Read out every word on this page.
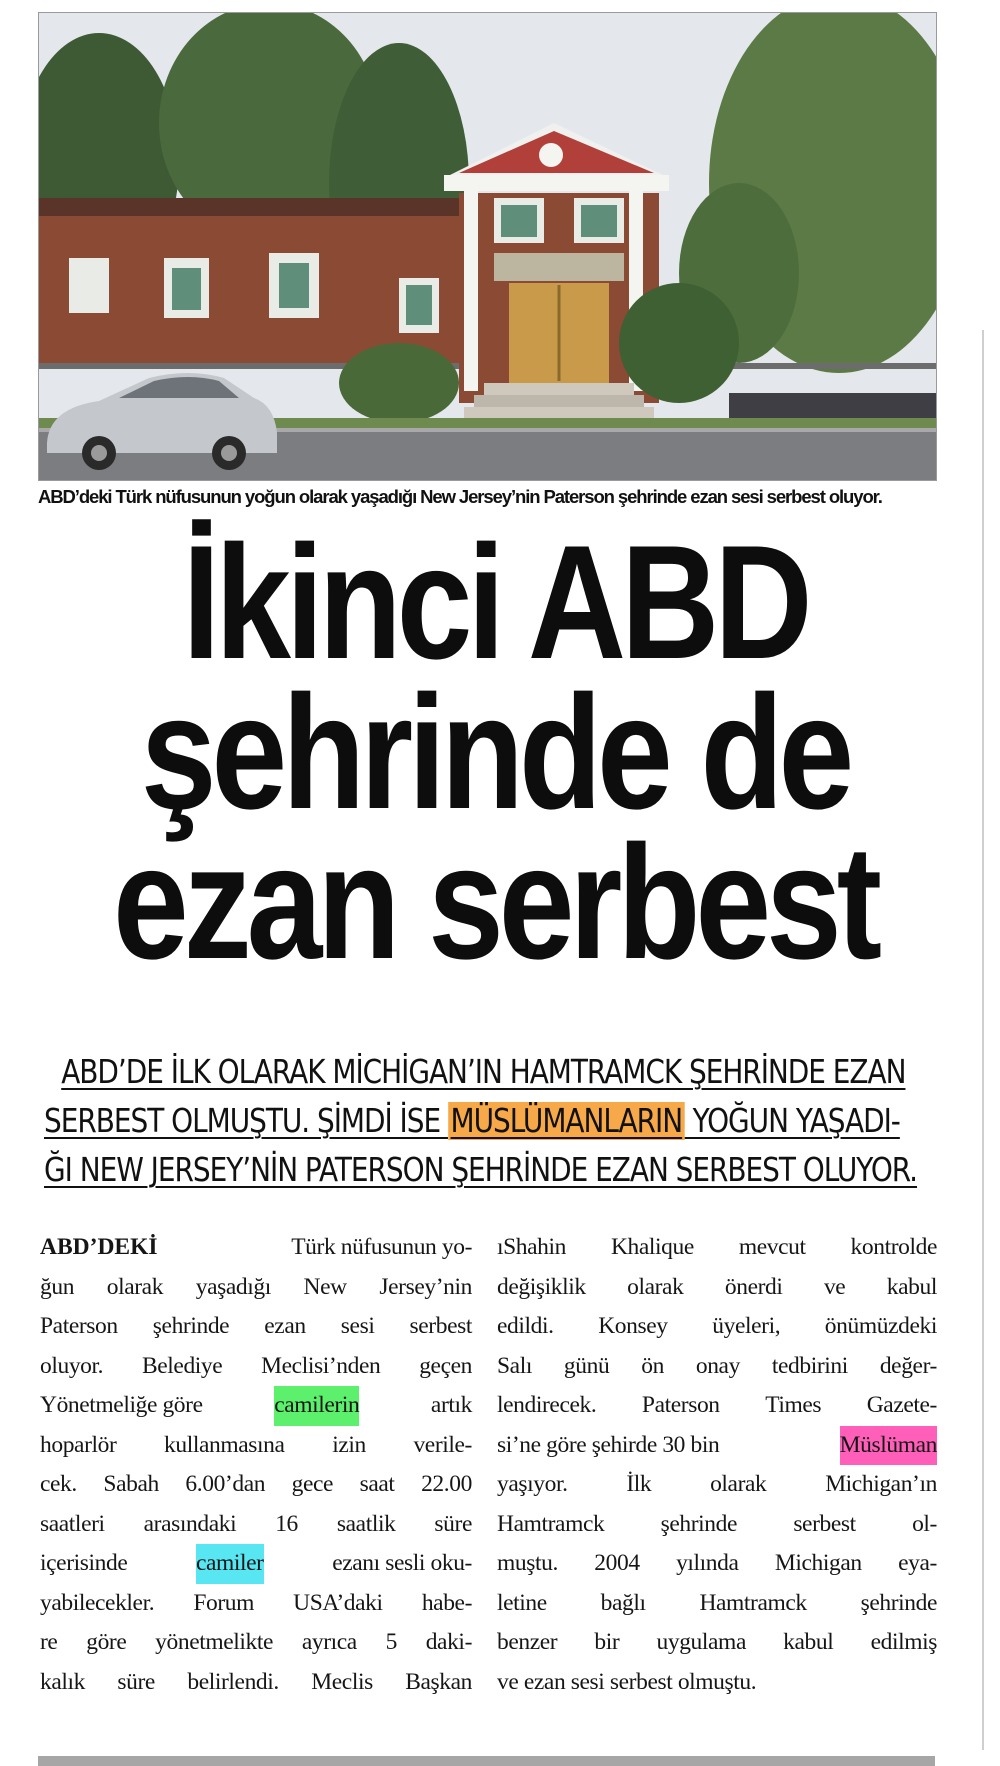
ABD’deki Türk nüfusunun yoğun olarak yaşadığı New Jersey’nin Paterson şehrinde ezan sesi serbest oluyor.
İkinci ABD
şehrinde de
ezan serbest
ABD’DE İLK OLARAK MİCHİGAN’IN HAMTRAMCK ŞEHRİNDE EZAN
SERBEST OLMUŞTU. ŞİMDİ İSE MÜSLÜMANLARIN YOĞUN YAŞADI-
ĞI NEW JERSEY’NİN PATERSON ŞEHRİNDE EZAN SERBEST OLUYOR.
ABD’DEKİ	Türk nüfusunun yo-
ğun olarak yaşadığı New Jersey’nin
Paterson şehrinde ezan sesi serbest
oluyor. Belediye Meclisi’nden geçen
Yönetmeliğe göre	camilerin	artık
hoparlör kullanmasına izin verile-
cek. Sabah 6.00’dan gece saat 22.00
saatleri arasındaki 16 saatlik süre
içerisinde	camiler	ezanı sesli oku-
yabilecekler. Forum USA’daki habe-
re göre yönetmelikte ayrıca 5 daki-
kalık süre belirlendi. Meclis Başkan
ıShahin Khalique mevcut kontrolde
değişiklik olarak önerdi ve kabul
edildi. Konsey üyeleri, önümüzdeki
Salı günü ön onay tedbirini değer-
lendirecek. Paterson Times Gazete-
si’ne göre şehirde 30 bin	Müslüman
yaşıyor.	İlk	olarak	Michigan’ın
Hamtramck şehrinde serbest ol-
muştu. 2004 yılında Michigan eya-
letine bağlı Hamtramck şehrinde
benzer bir uygulama kabul edilmiş
ve ezan sesi serbest olmuştu.
